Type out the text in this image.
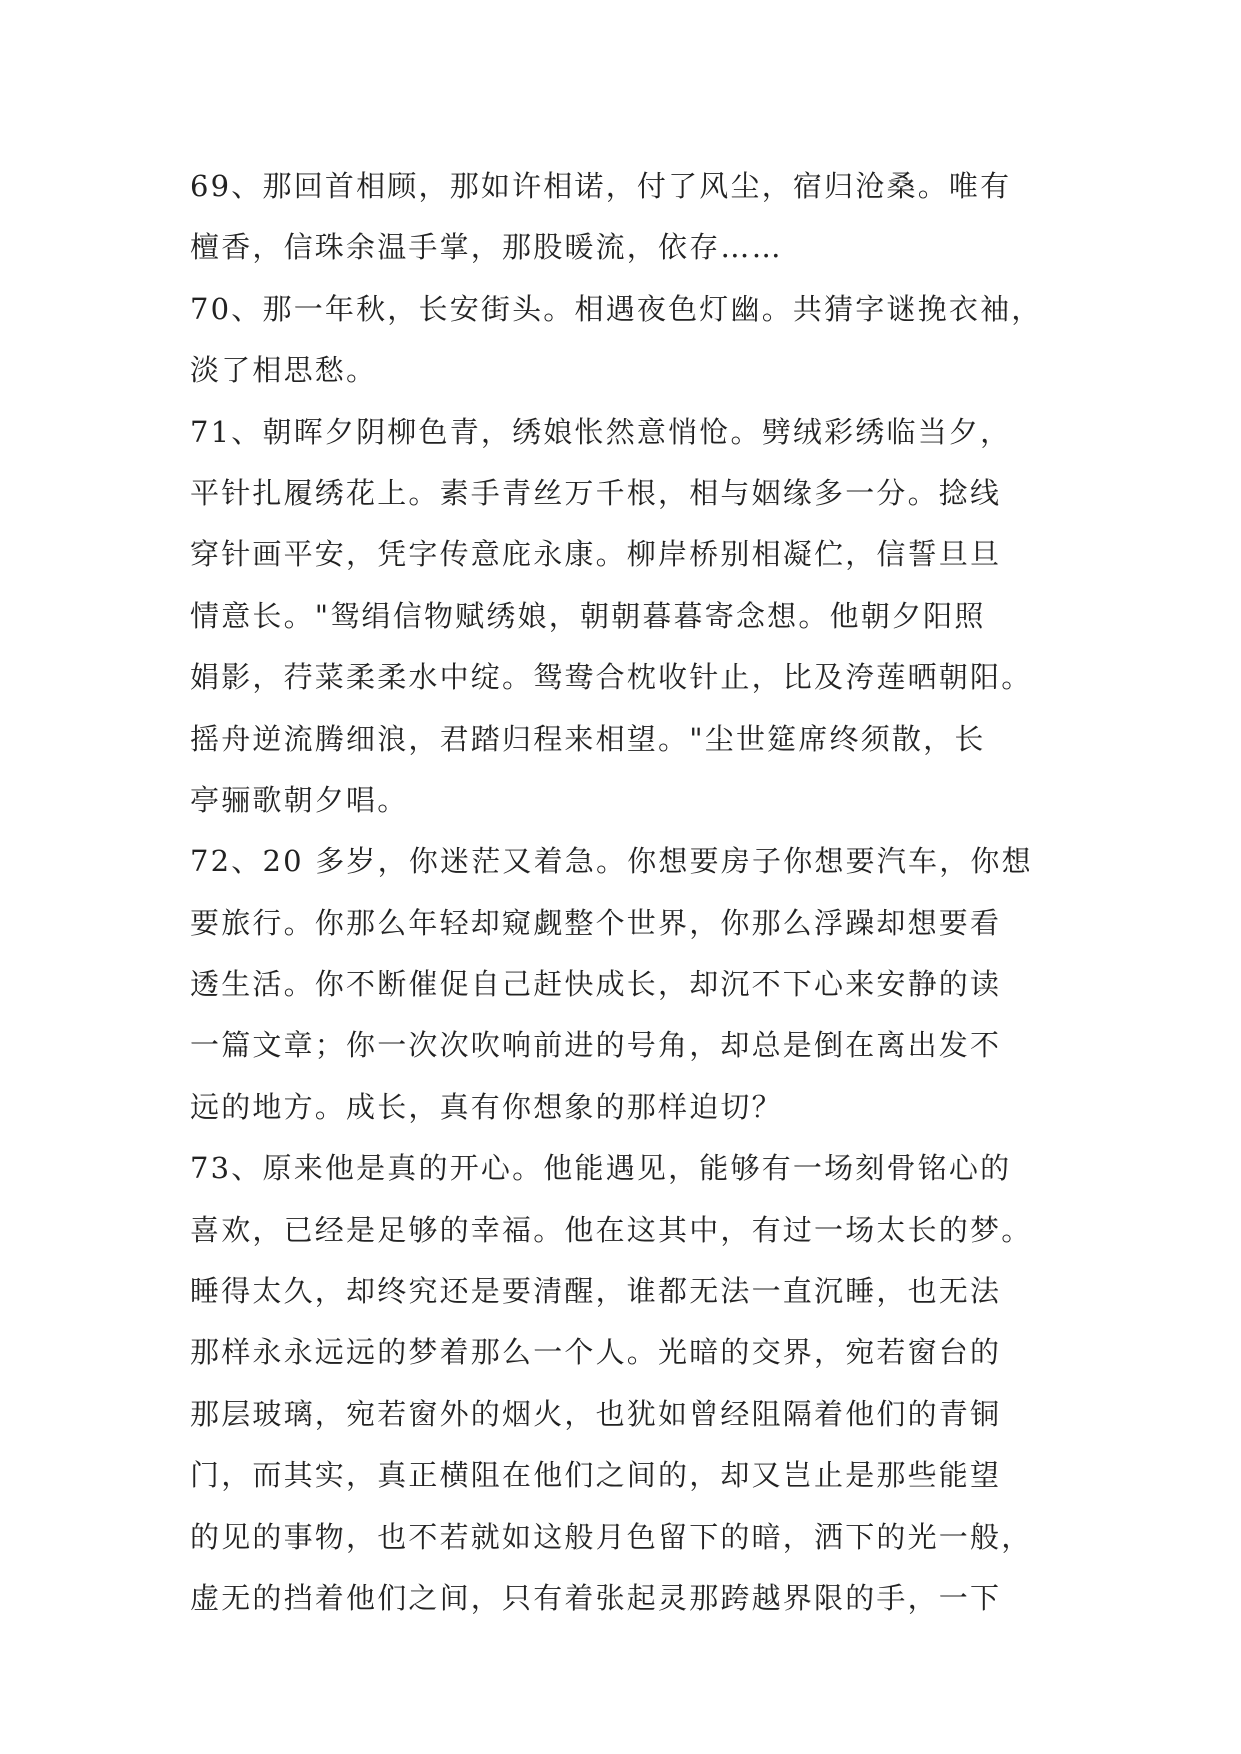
69、那回首相顾，那如许相诺，付了风尘，宿归沧桑。唯有
檀香，信珠余温手掌，那股暖流，依存……
70、那一年秋，长安街头。相遇夜色灯幽。共猜字谜挽衣袖，
淡了相思愁。
71、朝晖夕阴柳色青，绣娘怅然意悄怆。劈绒彩绣临当夕，
平针扎履绣花上。素手青丝万千根，相与姻缘多一分。捻线
穿针画平安，凭字传意庇永康。柳岸桥别相凝伫，信誓旦旦
情意长。"鸳绢信物赋绣娘，朝朝暮暮寄念想。他朝夕阳照
娟影，荇菜柔柔水中绽。鸳鸯合枕收针止，比及洿莲晒朝阳。
摇舟逆流腾细浪，君踏归程来相望。"尘世筵席终须散，长
亭骊歌朝夕唱。
72、20 多岁，你迷茫又着急。你想要房子你想要汽车，你想
要旅行。你那么年轻却窥觑整个世界，你那么浮躁却想要看
透生活。你不断催促自己赶快成长，却沉不下心来安静的读
一篇文章；你一次次吹响前进的号角，却总是倒在离出发不
远的地方。成长，真有你想象的那样迫切？
73、原来他是真的开心。他能遇见，能够有一场刻骨铭心的
喜欢，已经是足够的幸福。他在这其中，有过一场太长的梦。
睡得太久，却终究还是要清醒，谁都无法一直沉睡，也无法
那样永永远远的梦着那么一个人。光暗的交界，宛若窗台的
那层玻璃，宛若窗外的烟火，也犹如曾经阻隔着他们的青铜
门，而其实，真正横阻在他们之间的，却又岂止是那些能望
的见的事物，也不若就如这般月色留下的暗，洒下的光一般，
虚无的挡着他们之间，只有着张起灵那跨越界限的手，一下
